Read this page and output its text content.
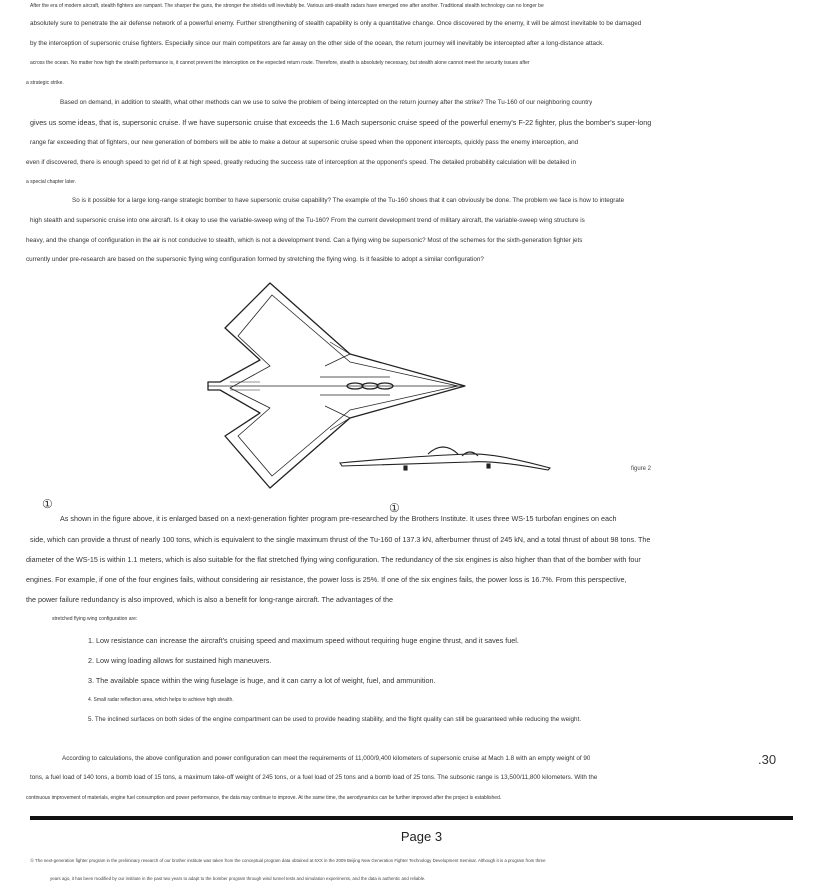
After the era of modern aircraft, stealth fighters are rampant. The sharper the guns, the stronger the shields will inevitably be. Various anti-stealth radars have emerged one after another. Traditional stealth technology can no longer be
absolutely sure to penetrate the air defense network of a powerful enemy. Further strengthening of stealth capability is only a quantitative change. Once discovered by the enemy, it will be almost inevitable to be damaged
by the interception of supersonic cruise fighters. Especially since our main competitors are far away on the other side of the ocean, the return journey will inevitably be intercepted after a long-distance attack.
across the ocean. No matter how high the stealth performance is, it cannot prevent the interception on the expected return route. Therefore, stealth is absolutely necessary, but stealth alone cannot meet the security issues after
a strategic strike.
Based on demand, in addition to stealth, what other methods can we use to solve the problem of being intercepted on the return journey after the strike? The Tu-160 of our neighboring country
gives us some ideas, that is, supersonic cruise. If we have supersonic cruise that exceeds the 1.6 Mach supersonic cruise speed of the powerful enemy's F-22 fighter, plus the bomber's super-long
range far exceeding that of fighters, our new generation of bombers will be able to make a detour at supersonic cruise speed when the opponent intercepts, quickly pass the enemy interception, and
even if discovered, there is enough speed to get rid of it at high speed, greatly reducing the success rate of interception at the opponent's speed. The detailed probability calculation will be detailed in
a special chapter later.
So is it possible for a large long-range strategic bomber to have supersonic cruise capability? The example of the Tu-160 shows that it can obviously be done. The problem we face is how to integrate
high stealth and supersonic cruise into one aircraft. Is it okay to use the variable-sweep wing of the Tu-160? From the current development trend of military aircraft, the variable-sweep wing structure is
heavy, and the change of configuration in the air is not conducive to stealth, which is not a development trend. Can a flying wing be supersonic? Most of the schemes for the sixth-generation fighter jets
currently under pre-research are based on the supersonic flying wing configuration formed by stretching the flying wing. Is it feasible to adopt a similar configuration?
figure 2
①	①
As shown in the figure above, it is enlarged based on a next-generation fighter program pre-researched by the Brothers Institute. It uses three WS-15 turbofan engines on each
side, which can provide a thrust of nearly 100 tons, which is equivalent to the single maximum thrust of the Tu-160 of 137.3 kN, afterburner thrust of 245 kN, and a total thrust of about 98 tons. The
diameter of the WS-15 is within 1.1 meters, which is also suitable for the flat stretched flying wing configuration. The redundancy of the six engines is also higher than that of the bomber with four
engines. For example, if one of the four engines fails, without considering air resistance, the power loss is 25%. If one of the six engines fails, the power loss is 16.7%. From this perspective,
the power failure redundancy is also improved, which is also a benefit for long-range aircraft. The advantages of the
stretched flying wing configuration are:
1. Low resistance can increase the aircraft's cruising speed and maximum speed without requiring huge engine thrust, and it saves fuel.
2. Low wing loading allows for sustained high maneuvers.
3. The available space within the wing fuselage is huge, and it can carry a lot of weight, fuel, and ammunition.
4. Small radar reflection area, which helps to achieve high stealth.
5. The inclined surfaces on both sides of the engine compartment can be used to provide heading stability, and the flight quality can still be guaranteed while reducing the weight.
According to calculations, the above configuration and power configuration can meet the requirements of 11,000/9,400 kilometers of supersonic cruise at Mach 1.8 with an empty weight of 90
tons, a fuel load of 140 tons, a bomb load of 15 tons, a maximum take-off weight of 245 tons, or a fuel load of 25 tons and a bomb load of 25 tons. The subsonic range is 13,500/11,800 kilometers. With the
continuous improvement of materials, engine fuel consumption and power performance, the data may continue to improve. At the same time, the aerodynamics can be further improved after the project is established.
.30
Page 3
① The next-generation fighter program in the preliminary research of our brother institute was taken from the conceptual program data obtained at 6XX in the 2009 Beijing New Generation Fighter Technology Development Seminar. Although it is a program from three
years ago, it has been modified by our institute in the past two years to adapt to the bomber program through wind tunnel tests and simulation experiments, and the data is authentic and reliable.
